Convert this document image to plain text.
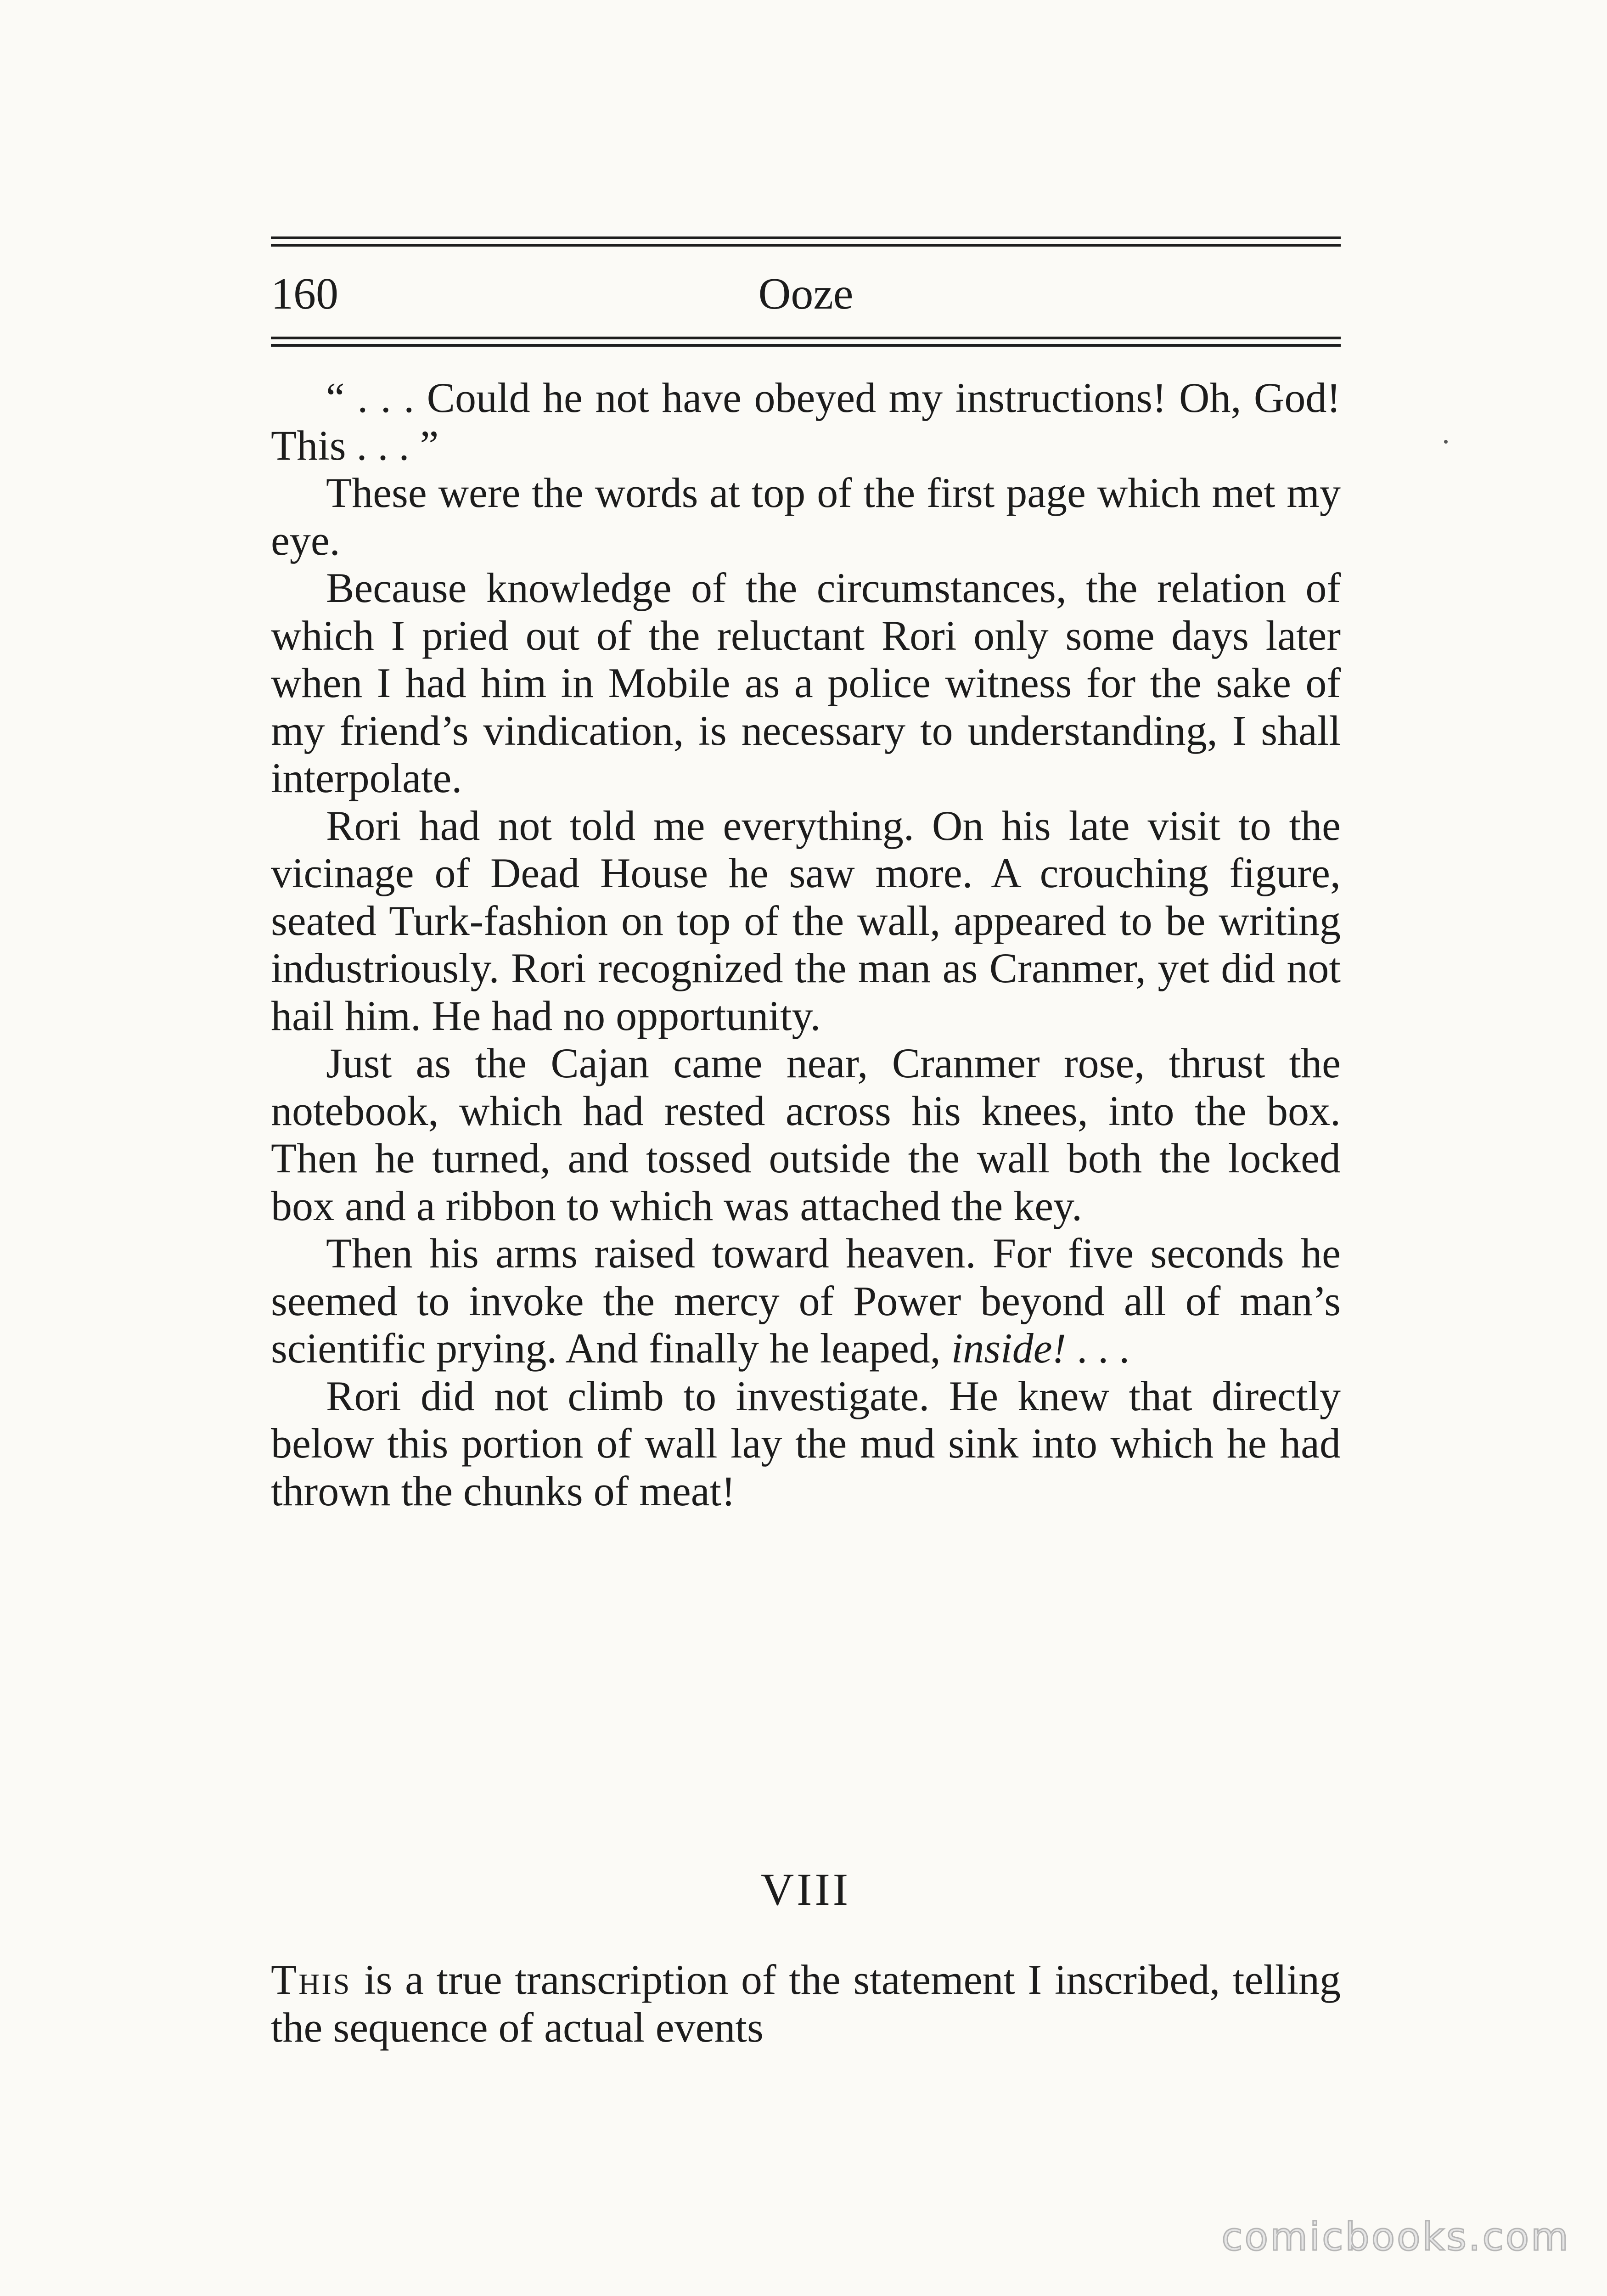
160	Ooze

“ . . . Could he not have obeyed my instructions! Oh, God! This . . . ”

These were the words at top of the first page which met my eye.

Because knowledge of the circumstances, the relation of which I pried out of the reluctant Rori only some days later when I had him in Mobile as a police witness for the sake of my friend’s vindication, is necessary to understanding, I shall interpolate.

Rori had not told me everything. On his late visit to the vicinage of Dead House he saw more. A crouching figure, seated Turk-fashion on top of the wall, appeared to be writing industriously. Rori recognized the man as Cranmer, yet did not hail him. He had no opportunity.

Just as the Cajan came near, Cranmer rose, thrust the notebook, which had rested across his knees, into the box. Then he turned, and tossed outside the wall both the locked box and a ribbon to which was attached the key.

Then his arms raised toward heaven. For five seconds he seemed to invoke the mercy of Power beyond all of man’s scientific prying. And finally he leaped, inside! . . .

Rori did not climb to investigate. He knew that directly below this portion of wall lay the mud sink into which he had thrown the chunks of meat!

VIII

This is a true transcription of the statement I inscribed, telling the sequence of actual events

comicbooks.com
